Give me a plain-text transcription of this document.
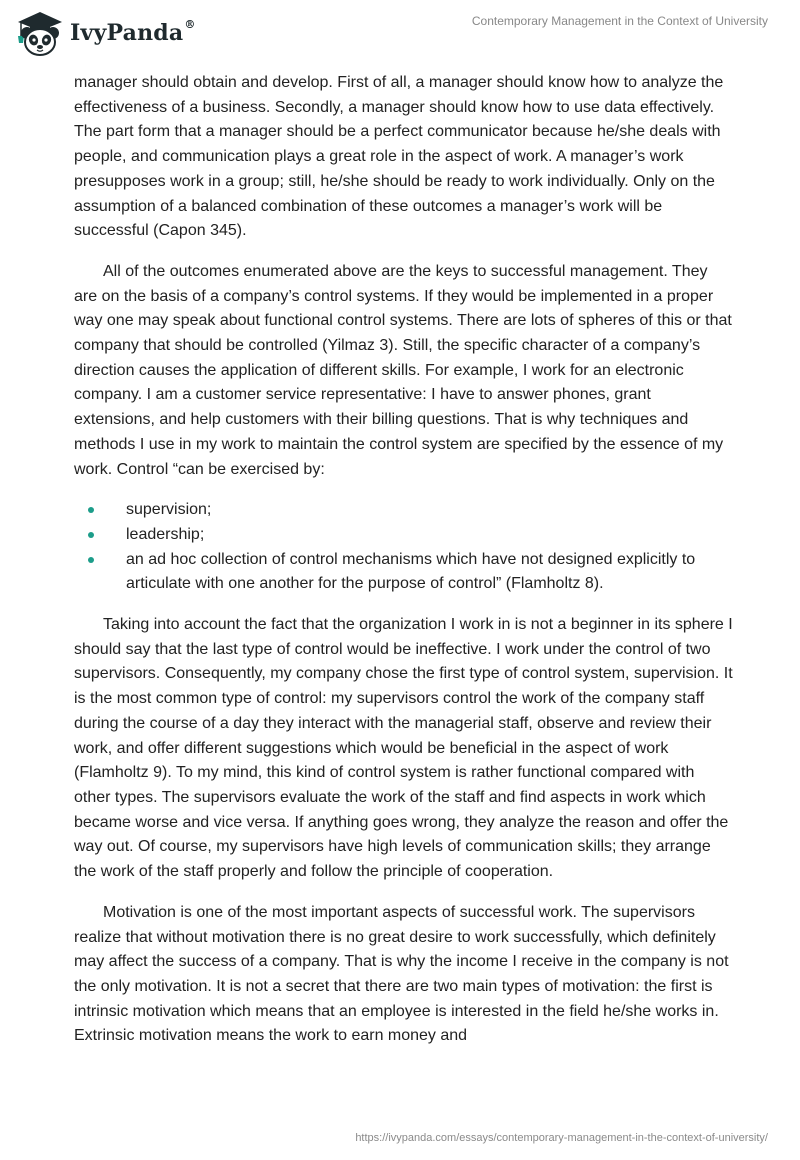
IvyPanda®	Contemporary Management in the Context of University

manager should obtain and develop. First of all, a manager should know how to analyze the effectiveness of a business. Secondly, a manager should know how to use data effectively. The part form that a manager should be a perfect communicator because he/she deals with people, and communication plays a great role in the aspect of work. A manager’s work presupposes work in a group; still, he/she should be ready to work individually. Only on the assumption of a balanced combination of these outcomes a manager’s work will be successful (Capon 345).

All of the outcomes enumerated above are the keys to successful management. They are on the basis of a company’s control systems. If they would be implemented in a proper way one may speak about functional control systems. There are lots of spheres of this or that company that should be controlled (Yilmaz 3). Still, the specific character of a company’s direction causes the application of different skills. For example, I work for an electronic company. I am a customer service representative: I have to answer phones, grant extensions, and help customers with their billing questions. That is why techniques and methods I use in my work to maintain the control system are specified by the essence of my work. Control “can be exercised by:

supervision;
leadership;
an ad hoc collection of control mechanisms which have not designed explicitly to articulate with one another for the purpose of control” (Flamholtz 8).

Taking into account the fact that the organization I work in is not a beginner in its sphere I should say that the last type of control would be ineffective. I work under the control of two supervisors. Consequently, my company chose the first type of control system, supervision. It is the most common type of control: my supervisors control the work of the company staff during the course of a day they interact with the managerial staff, observe and review their work, and offer different suggestions which would be beneficial in the aspect of work (Flamholtz 9). To my mind, this kind of control system is rather functional compared with other types. The supervisors evaluate the work of the staff and find aspects in work which became worse and vice versa. If anything goes wrong, they analyze the reason and offer the way out. Of course, my supervisors have high levels of communication skills; they arrange the work of the staff properly and follow the principle of cooperation.

Motivation is one of the most important aspects of successful work. The supervisors realize that without motivation there is no great desire to work successfully, which definitely may affect the success of a company. That is why the income I receive in the company is not the only motivation. It is not a secret that there are two main types of motivation: the first is intrinsic motivation which means that an employee is interested in the field he/she works in. Extrinsic motivation means the work to earn money and

https://ivypanda.com/essays/contemporary-management-in-the-context-of-university/
